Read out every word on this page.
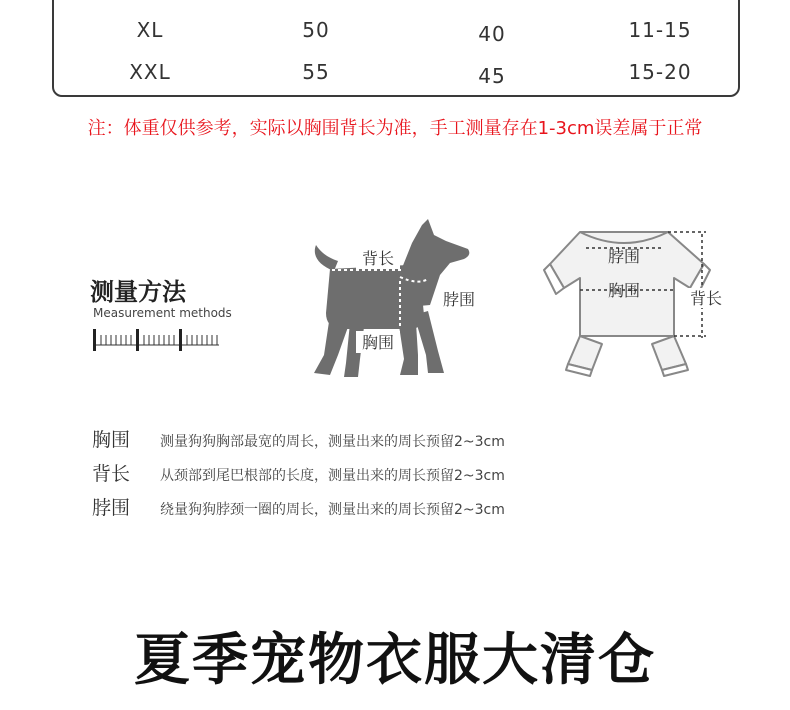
XL	50	40	11-15
XXL	55	45	15-20
注：体重仅供参考，实际以胸围背长为准，手工测量存在1-3cm误差属于正常
测量方法
Measurement methods
背长
脖围
胸围
脖围
胸围	背长
胸围 测量狗狗胸部最宽的周长，测量出来的周长预留2~3cm
背长 从颈部到尾巴根部的长度，测量出来的周长预留2~3cm
脖围 绕量狗狗脖颈一圈的周长，测量出来的周长预留2~3cm
夏季宠物衣服大清仓
